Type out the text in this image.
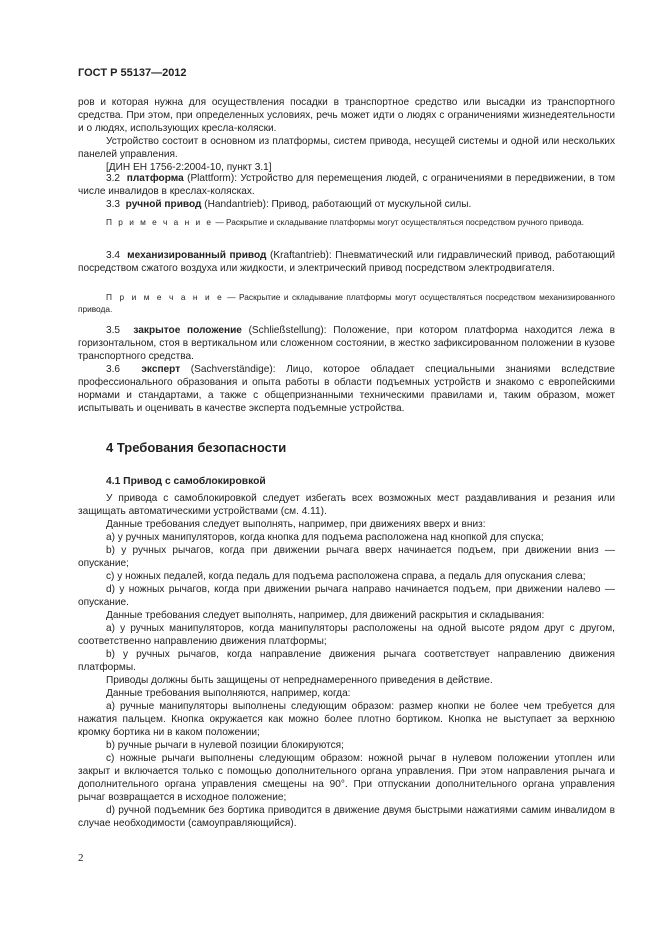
ГОСТ Р 55137—2012

ров и которая нужна для осуществления посадки в транспортное средство или высадки из транспортного средства. При этом, при определенных условиях, речь может идти о людях с ограничениями жизнедеятельности и о людях, использующих кресла-коляски.

Устройство состоит в основном из платформы, систем привода, несущей системы и одной или нескольких панелей управления.

[ДИН ЕН 1756-2:2004-10, пункт 3.1]

3.2 платформа (Plattform): Устройство для перемещения людей, с ограничениями в передвижении, в том числе инвалидов в креслах-колясках.

3.3 ручной привод (Handantrieb): Привод, работающий от мускульной силы.

П р и м е ч а н и е — Раскрытие и складывание платформы могут осуществляться посредством ручного привода.

3.4 механизированный привод (Kraftantrieb): Пневматический или гидравлический привод, работающий посредством сжатого воздуха или жидкости, и электрический привод посредством электродвигателя.

П р и м е ч а н и е — Раскрытие и складывание платформы могут осуществляться посредством механизированного привода.

3.5 закрытое положение (Schließstellung): Положение, при котором платформа находится лежа в горизонтальном, стоя в вертикальном или сложенном состоянии, в жестко зафиксированном положении в кузове транспортного средства.

3.6 эксперт (Sachverständige): Лицо, которое обладает специальными знаниями вследствие профессионального образования и опыта работы в области подъемных устройств и знакомо с европейскими нормами и стандартами, а также с общепризнанными техническими правилами и, таким образом, может испытывать и оценивать в качестве эксперта подъемные устройства.

4 Требования безопасности
4.1 Привод с самоблокировкой

У привода с самоблокировкой следует избегать всех возможных мест раздавливания и резания или защищать автоматическими устройствами (см. 4.11).

Данные требования следует выполнять, например, при движениях вверх и вниз:

a) у ручных манипуляторов, когда кнопка для подъема расположена над кнопкой для спуска;

b) у ручных рычагов, когда при движении рычага вверх начинается подъем, при движении вниз — опускание;

c) у ножных педалей, когда педаль для подъема расположена справа, а педаль для опускания слева;

d) у ножных рычагов, когда при движении рычага направо начинается подъем, при движении налево — опускание.

Данные требования следует выполнять, например, для движений раскрытия и складывания:

a) у ручных манипуляторов, когда манипуляторы расположены на одной высоте рядом друг с другом, соответственно направлению движения платформы;

b) у ручных рычагов, когда направление движения рычага соответствует направлению движения платформы.

Приводы должны быть защищены от непреднамеренного приведения в действие.

Данные требования выполняются, например, когда:

a) ручные манипуляторы выполнены следующим образом: размер кнопки не более чем требуется для нажатия пальцем. Кнопка окружается как можно более плотно бортиком. Кнопка не выступает за верхнюю кромку бортика ни в каком положении;

b) ручные рычаги в нулевой позиции блокируются;

c) ножные рычаги выполнены следующим образом: ножной рычаг в нулевом положении утоплен или закрыт и включается только с помощью дополнительного органа управления. При этом направления рычага и дополнительного органа управления смещены на 90°. При отпускании дополнительного органа управления рычаг возвращается в исходное положение;

d) ручной подъемник без бортика приводится в движение двумя быстрыми нажатиями самим инвалидом в случае необходимости (самоуправляющийся).

2
